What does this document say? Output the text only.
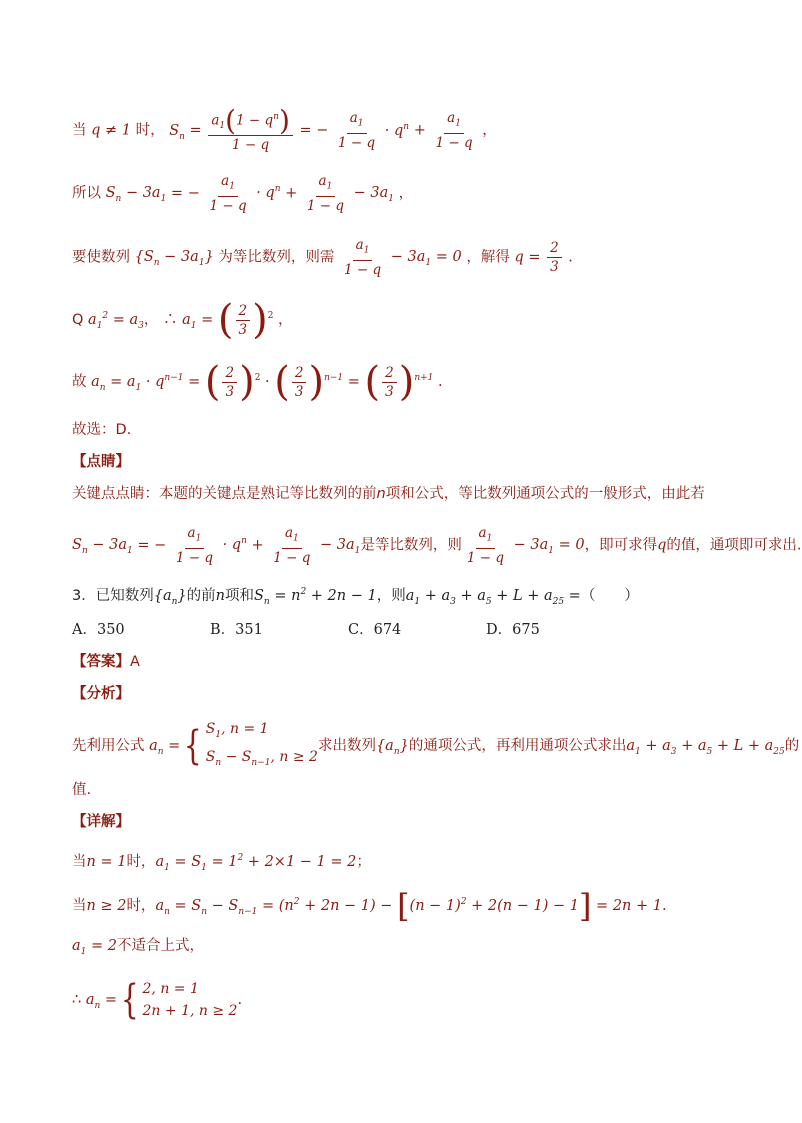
当 q ≠ 1 时， $S_n = \frac{a_1(1 - q^n)}{1 - q}$ = − $\frac{a_1}{1 - q} \cdot q^n + \frac{a_1}{1 - q}$ ，
所以 $S_n - 3a_1$ = − $\frac{a_1}{1 - q} \cdot q^n + \frac{a_1}{1 - q} - 3a_1$ ，
要使数列 $\{S_n - 3a_1\}$ 为等比数列，则需 $\frac{a_1}{1 - q} - 3a_1 = 0$ ，解得 $q = \frac{2}{3}$ .
Q $a_1^2 = a_3$， ∴ $a_1$ = ( $\frac{2}{3} )^2$ ，
故 $a_n = a_1 \cdot q^{n-1}$ = ( $\frac{2}{3} )^2$ · ( $\frac{2}{3} )^{n-1}$ = ( $\frac{2}{3} )^{n+1}$ .
故选：D.
【点睛】
关键点点睛：本题的关键点是熟记等比数列的前n项和公式，等比数列通项公式的一般形式，由此若
$S_n - 3a_1$ = − $\frac{a_1}{1 - q} \cdot q^n + \frac{a_1}{1 - q} - 3a_1$是等比数列，则 $\frac{a_1}{1 - q} - 3a_1 = 0$，即可求得q的值，通项即可求出.
3．已知数列$\{a_n\}$的前n项和$S_n = n^2 + 2n - 1$，则$a_1 + a_3 + a_5 + L + a_{25}$ =（　　）
A．350	B．351	C．674	D．675
【答案】A
【分析】
先利用公式 $a_n$ ={ $S_1$, n = 1
$S_n - S_{n-1}$, n ≥ 2
求出数列$\{a_n\}$的通项公式，再利用通项公式求出$a_1 + a_3 + a_5 + L + a_{25}$的
值.
【详解】
当n = 1时，$a_1 = S_1 = 1^2 + 2\times 1 - 1 = 2$；
当n ≥ 2时，$a_n = S_n - S_{n-1} = (n^2 + 2n - 1) - [(n - 1)^2 + 2(n - 1) - 1] = 2n + 1$.
$a_1 = 2$不适合上式，
∴ $a_n$ ={ 2, n = 1
2n + 1, n ≥ 2
.
